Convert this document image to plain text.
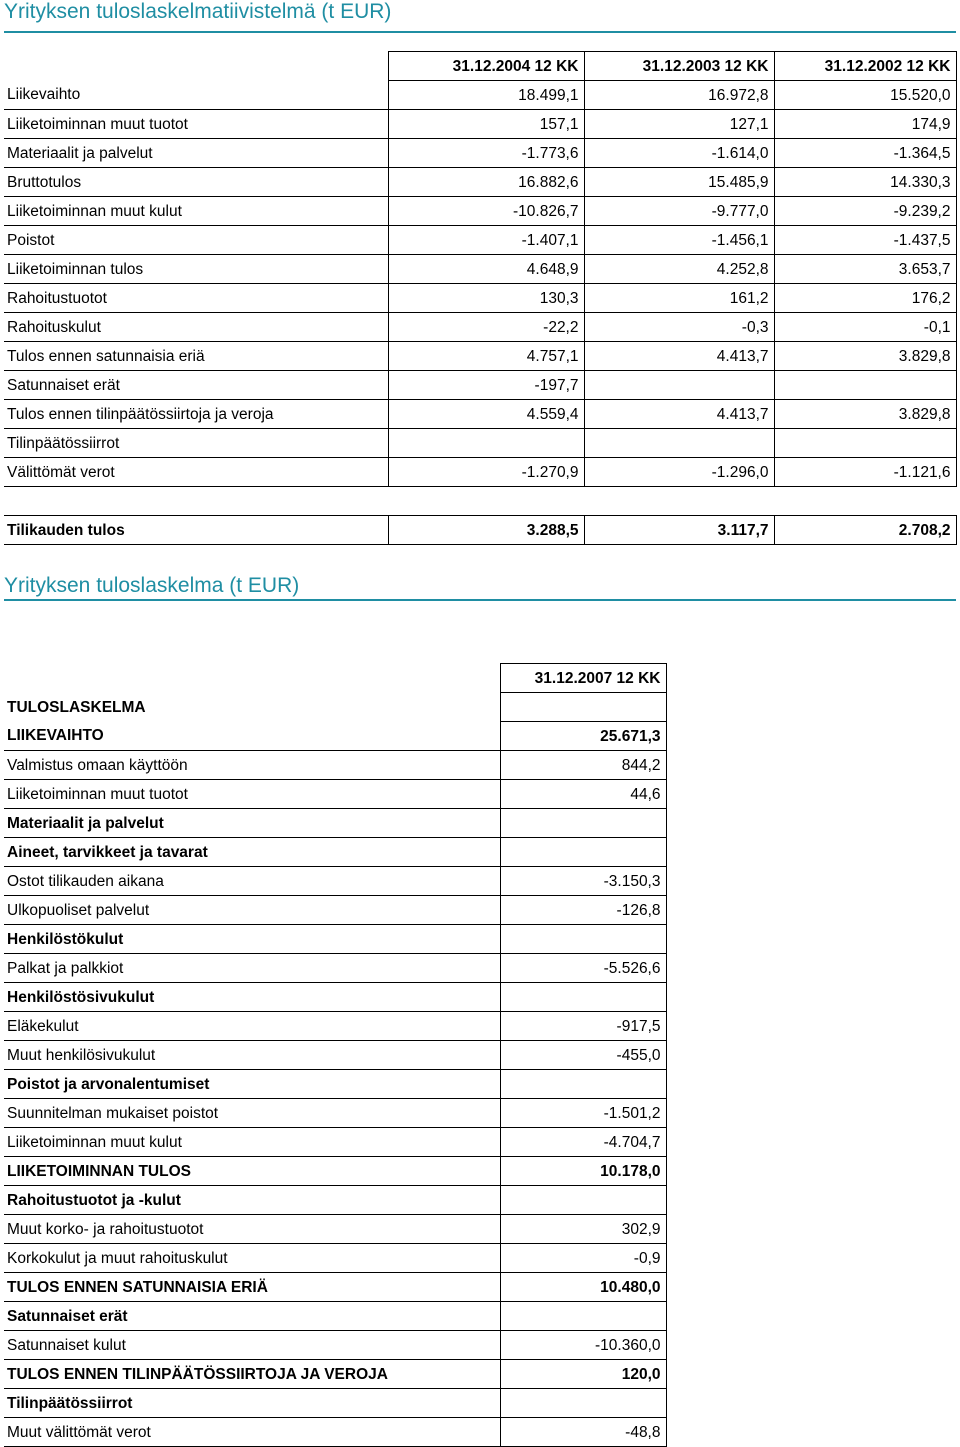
Yrityksen tuloslaskelmatiivistelmä (t EUR)
	31.12.2004 12 KK	31.12.2003 12 KK	31.12.2002 12 KK
Liikevaihto	18.499,1	16.972,8	15.520,0
Liiketoiminnan muut tuotot	157,1	127,1	174,9
Materiaalit ja palvelut	-1.773,6	-1.614,0	-1.364,5
Bruttotulos	16.882,6	15.485,9	14.330,3
Liiketoiminnan muut kulut	-10.826,7	-9.777,0	-9.239,2
Poistot	-1.407,1	-1.456,1	-1.437,5
Liiketoiminnan tulos	4.648,9	4.252,8	3.653,7
Rahoitustuotot	130,3	161,2	176,2
Rahoituskulut	-22,2	-0,3	-0,1
Tulos ennen satunnaisia eriä	4.757,1	4.413,7	3.829,8
Satunnaiset erät	-197,7		
Tulos ennen tilinpäätössiirtoja ja veroja	4.559,4	4.413,7	3.829,8
Tilinpäätössiirrot			
Välittömät verot	-1.270,9	-1.296,0	-1.121,6

Tilikauden tulos	3.288,5	3.117,7	2.708,2
Yrityksen tuloslaskelma (t EUR)
	31.12.2007 12 KK
TULOSLASKELMA	
LIIKEVAIHTO	25.671,3
Valmistus omaan käyttöön	844,2
Liiketoiminnan muut tuotot	44,6
Materiaalit ja palvelut	
Aineet, tarvikkeet ja tavarat	
Ostot tilikauden aikana	-3.150,3
Ulkopuoliset palvelut	-126,8
Henkilöstökulut	
Palkat ja palkkiot	-5.526,6
Henkilöstösivukulut	
Eläkekulut	-917,5
Muut henkilösivukulut	-455,0
Poistot ja arvonalentumiset	
Suunnitelman mukaiset poistot	-1.501,2
Liiketoiminnan muut kulut	-4.704,7
LIIKETOIMINNAN TULOS	10.178,0
Rahoitustuotot ja -kulut	
Muut korko- ja rahoitustuotot	302,9
Korkokulut ja muut rahoituskulut	-0,9
TULOS ENNEN SATUNNAISIA ERIÄ	10.480,0
Satunnaiset erät	
Satunnaiset kulut	-10.360,0
TULOS ENNEN TILINPÄÄTÖSSIIRTOJA JA VEROJA	120,0
Tilinpäätössiirrot	
Muut välittömät verot	-48,8
